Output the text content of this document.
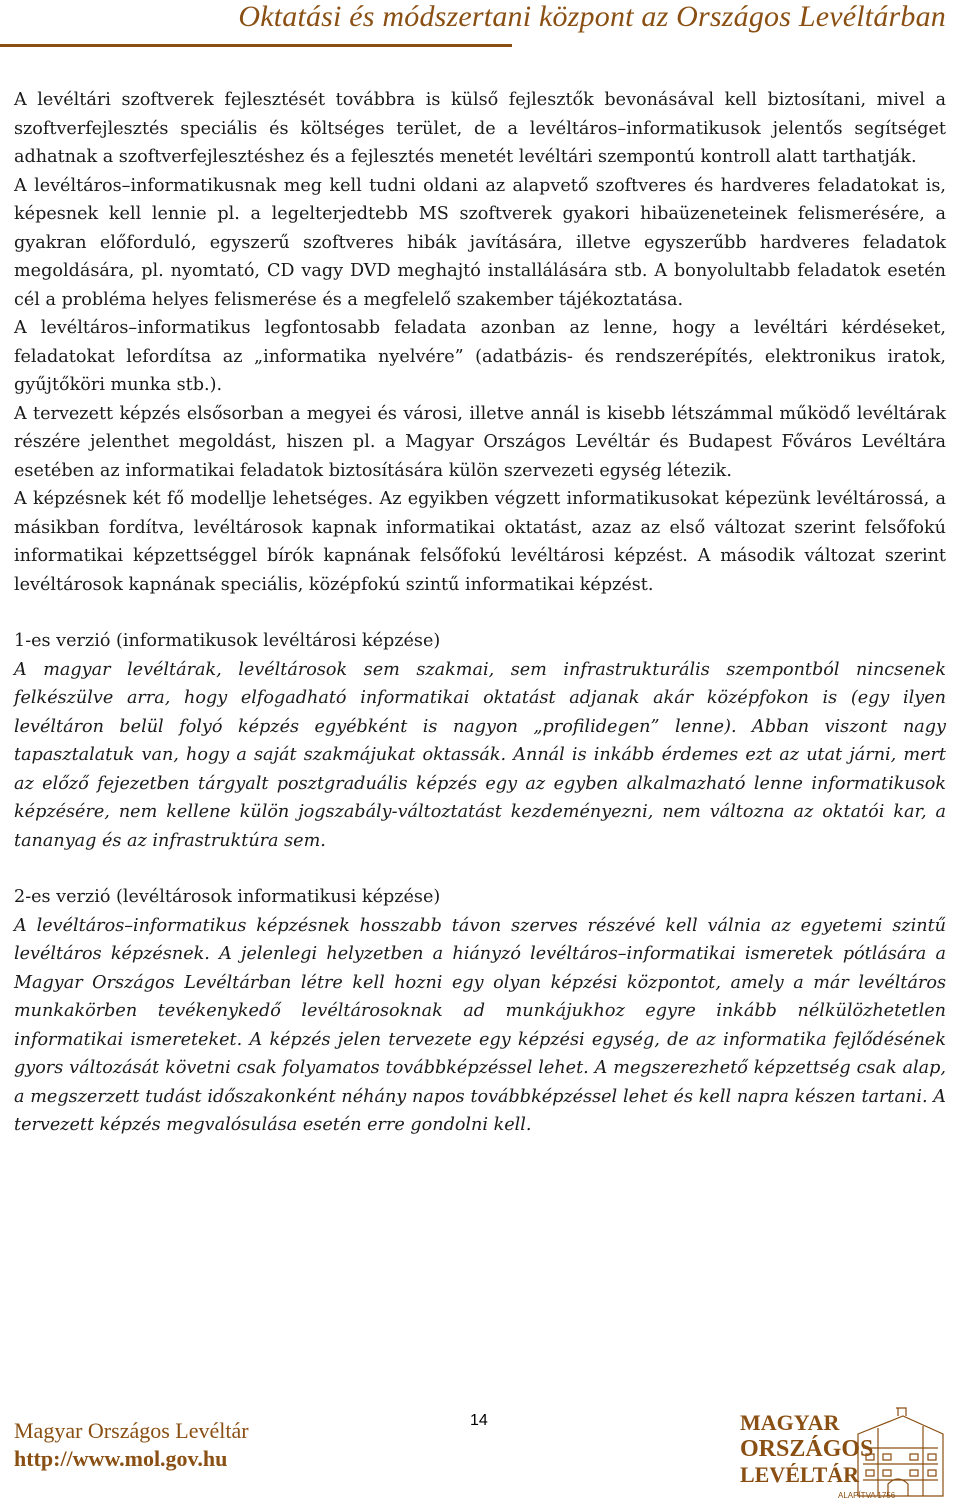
Oktatási és módszertani központ az Országos Levéltárban

A levéltári szoftverek fejlesztését továbbra is külső fejlesztők bevonásával kell biztosítani, mivel a szoftverfejlesztés speciális és költséges terület, de a levéltáros–informatikusok jelentős segítséget adhatnak a szoftverfejlesztéshez és a fejlesztés menetét levéltári szempontú kontroll alatt tarthatják.

A levéltáros–informatikusnak meg kell tudni oldani az alapvető szoftveres és hardveres feladatokat is, képesnek kell lennie pl. a legelterjedtebb MS szoftverek gyakori hibaüzeneteinek felismerésére, a gyakran előforduló, egyszerű szoftveres hibák javítására, illetve egyszerűbb hardveres feladatok megoldására, pl. nyomtató, CD vagy DVD meghajtó installálására stb. A bonyolultabb feladatok esetén cél a probléma helyes felismerése és a megfelelő szakember tájékoztatása.

A levéltáros–informatikus legfontosabb feladata azonban az lenne, hogy a levéltári kérdéseket, feladatokat lefordítsa az „informatika nyelvére” (adatbázis- és rendszerépítés, elektronikus iratok, gyűjtőköri munka stb.).

A tervezett képzés elsősorban a megyei és városi, illetve annál is kisebb létszámmal működő levéltárak részére jelenthet megoldást, hiszen pl. a Magyar Országos Levéltár és Budapest Főváros Levéltára esetében az informatikai feladatok biztosítására külön szervezeti egység létezik.

A képzésnek két fő modellje lehetséges. Az egyikben végzett informatikusokat képezünk levéltárossá, a másikban fordítva, levéltárosok kapnak informatikai oktatást, azaz az első változat szerint felsőfokú informatikai képzettséggel bírók kapnának felsőfokú levéltárosi képzést. A második változat szerint levéltárosok kapnának speciális, középfokú szintű informatikai képzést.

1-es verzió (informatikusok levéltárosi képzése)

A magyar levéltárak, levéltárosok sem szakmai, sem infrastrukturális szempontból nincsenek felkészülve arra, hogy elfogadható informatikai oktatást adjanak akár középfokon is (egy ilyen levéltáron belül folyó képzés egyébként is nagyon „profilidegen” lenne). Abban viszont nagy tapasztalatuk van, hogy a saját szakmájukat oktassák. Annál is inkább érdemes ezt az utat járni, mert az előző fejezetben tárgyalt posztgraduális képzés egy az egyben alkalmazható lenne informatikusok képzésére, nem kellene külön jogszabály-változtatást kezdeményezni, nem változna az oktatói kar, a tananyag és az infrastruktúra sem.

2-es verzió (levéltárosok informatikusi képzése)

A levéltáros–informatikus képzésnek hosszabb távon szerves részévé kell válnia az egyetemi szintű levéltáros képzésnek. A jelenlegi helyzetben a hiányzó levéltáros–informatikai ismeretek pótlására a Magyar Országos Levéltárban létre kell hozni egy olyan képzési központot, amely a már levéltáros munkakörben tevékenykedő levéltárosoknak ad munkájukhoz egyre inkább nélkülözhetetlen informatikai ismereteket. A képzés jelen tervezete egy képzési egység, de az informatika fejlődésének gyors változását követni csak folyamatos továbbképzéssel lehet. A megszerezhető képzettség csak alap, a megszerzett tudást időszakonként néhány napos továbbképzéssel lehet és kell napra készen tartani. A tervezett képzés megvalósulása esetén erre gondolni kell.

Magyar Országos Levéltár
http://www.mol.gov.hu
14	MAGYAR
ORSZÁGOS
LEVÉLTÁR
ALAPÍTVA 1756
